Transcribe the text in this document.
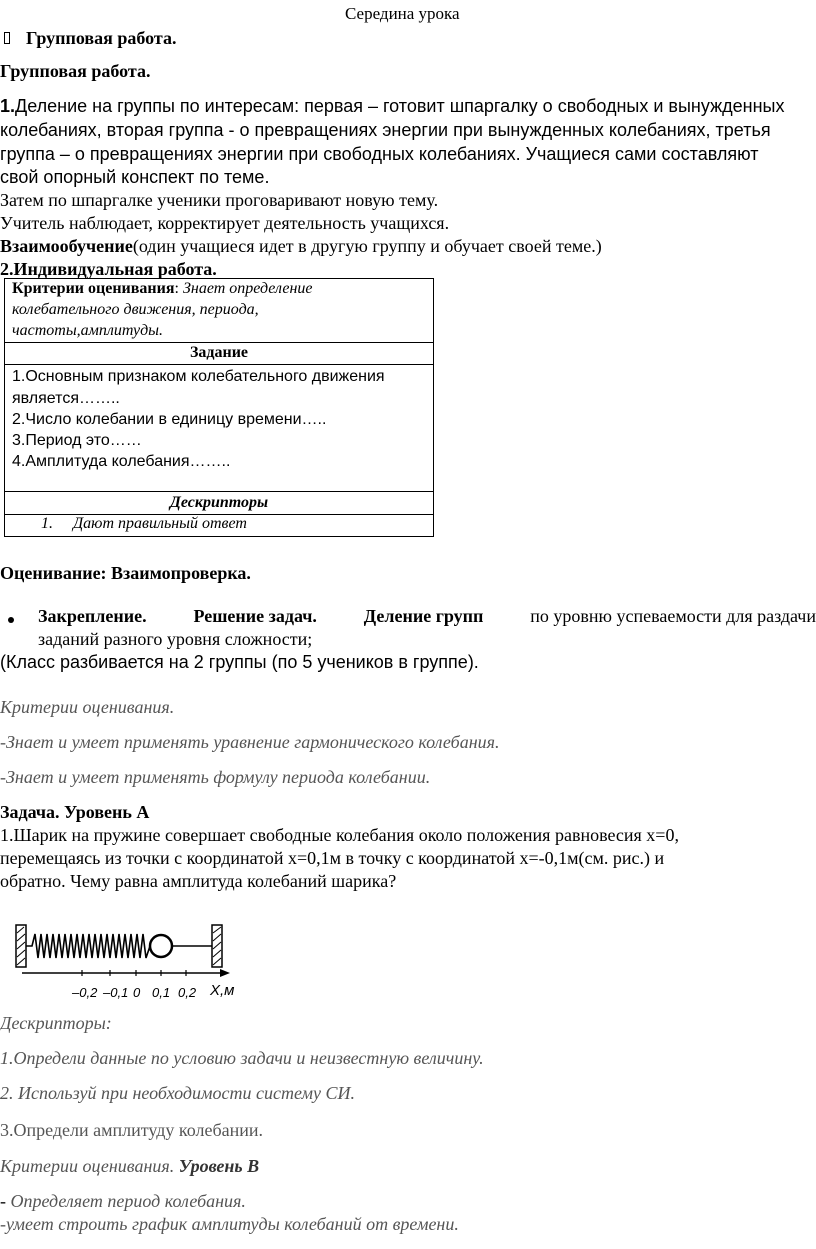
Середина урока
Групповая работа.
Групповая работа.
1.Деление на группы по интересам: первая – готовит шпаргалку о свободных и вынужденных
колебаниях, вторая группа - о превращениях энергии при вынужденных колебаниях, третья
группа – о превращениях энергии при свободных колебаниях. Учащиеся сами составляют
свой опорный конспект по теме.
Затем по шпаргалке ученики проговаривают новую тему.
Учитель наблюдает, корректирует деятельность учащихся.
Взаимообучение(один учащиеся идет в другую группу и обучает своей теме.)
2.Индивидуальная работа.
Критерии оценивания: Знает определение
колебательного движения, периода,
частоты,амплитуды.
Задание
1.Основным признаком колебательного движения
является……..
2.Число колебании в единицу времени…..
3.Период это……
4.Амплитуда колебания……..
Дескрипторы
1. Дают правильный ответ
Оценивание: Взаимопроверка.
Закрепление.	Решение задач.	Деление групп	по уровню успеваемости для раздачи
заданий разного уровня сложности;
(Класс разбивается на 2 группы (по 5 учеников в группе).
Критерии оценивания.
-Знает и умеет применять уравнение гармонического колебания.
-Знает и умеет применять формулу периода колебании.
Задача. Уровень А
1.Шарик на пружине совершает свободные колебания около положения равновесия x=0,
перемещаясь из точки с координатой x=0,1м в точку с координатой x=-0,1м(см. рис.) и
обратно. Чему равна амплитуда колебаний шарика?
–0,2 –0,1 0 0,1 0,2 X,м
Дескрипторы:
1.Определи данные по условию задачи и неизвестную величину.
2. Используй при необходимости систему СИ.
3.Определи амплитуду колебании.
Критерии оценивания. Уровень В
- Определяет период колебания.
-умеет строить график амплитуды колебаний от времени.
